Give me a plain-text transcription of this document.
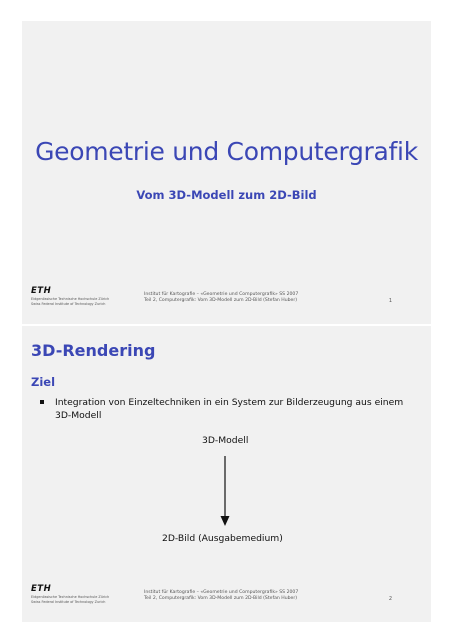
Geometrie und Computergrafik
Vom 3D-Modell zum 2D-Bild
ETH
Eidgenössische Technische Hochschule Zürich
Swiss Federal Institute of Technology Zurich
Institut für Kartografie – «Geometrie und Computergrafik» SS 2007
Teil 2, Computergrafik: Vom 3D-Modell zum 2D-Bild (Stefan Huber)	1
3D-Rendering
Ziel
Integration von Einzeltechniken in ein System zur Bilderzeugung aus einem 3D-Modell
3D-Modell
2D-Bild (Ausgabemedium)
ETH
Eidgenössische Technische Hochschule Zürich
Swiss Federal Institute of Technology Zurich
Institut für Kartografie – «Geometrie und Computergrafik» SS 2007
Teil 2, Computergrafik: Vom 3D-Modell zum 2D-Bild (Stefan Huber)	2
